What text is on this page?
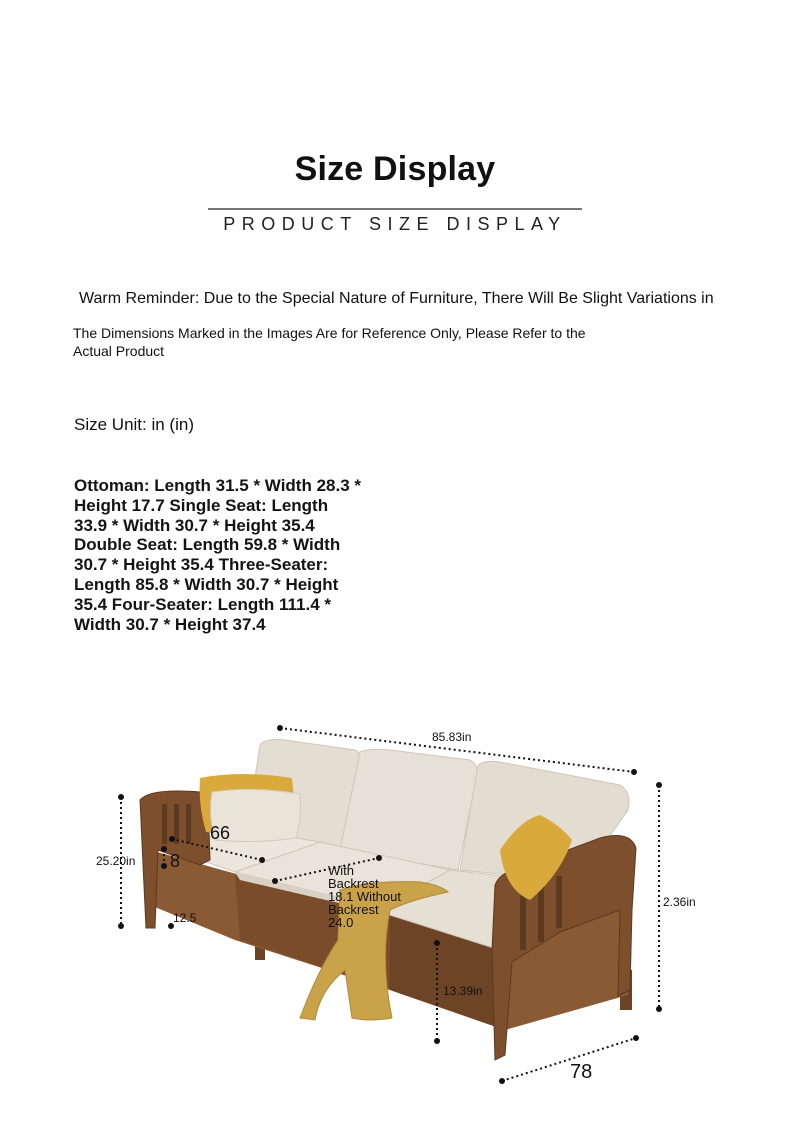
Size Display
PRODUCT SIZE DISPLAY
Warm Reminder: Due to the Special Nature of Furniture, There Will Be Slight Variations in
The Dimensions Marked in the Images Are for Reference Only, Please Refer to the Actual Product
Size Unit: in (in)
Ottoman: Length 31.5 * Width 28.3 * Height 17.7 Single Seat: Length 33.9 * Width 30.7 * Height 35.4 Double Seat: Length 59.8 * Width 30.7 * Height 35.4 Three-Seater: Length 85.8 * Width 30.7 * Height 35.4 Four-Seater: Length 111.4 * Width 30.7 * Height 37.4
85.83in
25.20in
2.36in
66
8
12.5
With
Backrest
18.1 Without
Backrest
24.0
13.39in
78
